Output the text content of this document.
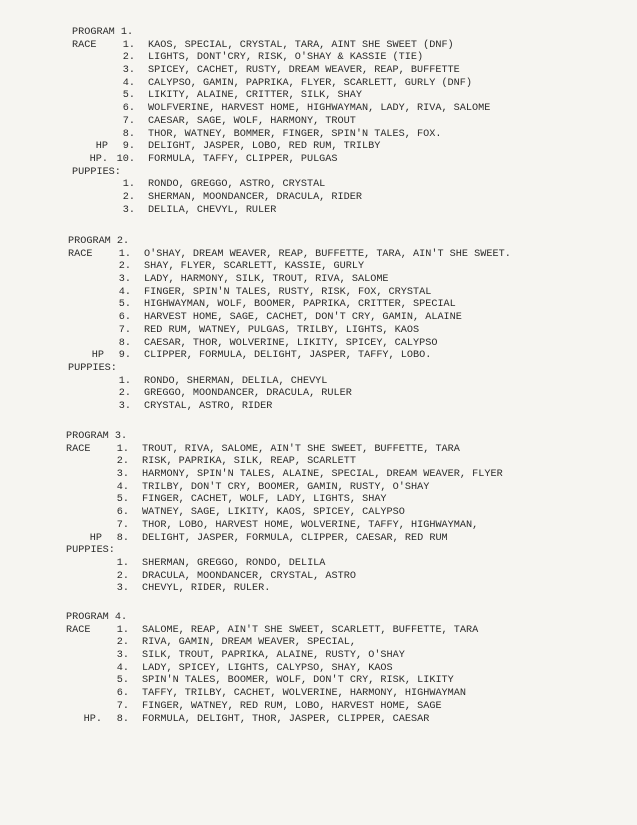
PROGRAM 1.
RACE	1. KAOS, SPECIAL, CRYSTAL, TARA, AINT SHE SWEET (DNF)
2. LIGHTS, DONT'CRY, RISK, O'SHAY & KASSIE (TIE)
3. SPICEY, CACHET, RUSTY, DREAM WEAVER, REAP, BUFFETTE
4. CALYPSO, GAMIN, PAPRIKA, FLYER, SCARLETT, GURLY (DNF)
5. LIKITY, ALAINE, CRITTER, SILK, SHAY
6. WOLFVERINE, HARVEST HOME, HIGHWAYMAN, LADY, RIVA, SALOME
7. CAESAR, SAGE, WOLF, HARMONY, TROUT
8. THOR, WATNEY, BOMMER, FINGER, SPIN'N TALES, FOX.
HP	9. DELIGHT, JASPER, LOBO, RED RUM, TRILBY
HP. 10. FORMULA, TAFFY, CLIPPER, PULGAS
PUPPIES:
1. RONDO, GREGGO, ASTRO, CRYSTAL
2. SHERMAN, MOONDANCER, DRACULA, RIDER
3. DELILA, CHEVYL, RULER
PROGRAM 2.
RACE	1. O'SHAY, DREAM WEAVER, REAP, BUFFETTE, TARA, AIN'T SHE SWEET.
2. SHAY, FLYER, SCARLETT, KASSIE, GURLY
3. LADY, HARMONY, SILK, TROUT, RIVA, SALOME
4. FINGER, SPIN'N TALES, RUSTY, RISK, FOX, CRYSTAL
5. HIGHWAYMAN, WOLF, BOOMER, PAPRIKA, CRITTER, SPECIAL
6. HARVEST HOME, SAGE, CACHET, DON'T CRY, GAMIN, ALAINE
7. RED RUM, WATNEY, PULGAS, TRILBY, LIGHTS, KAOS
8. CAESAR, THOR, WOLVERINE, LIKITY, SPICEY, CALYPSO
HP	9. CLIPPER, FORMULA, DELIGHT, JASPER, TAFFY, LOBO.
PUPPIES:
1. RONDO, SHERMAN, DELILA, CHEVYL
2. GREGGO, MOONDANCER, DRACULA, RULER
3. CRYSTAL, ASTRO, RIDER
PROGRAM 3.
RACE	1. TROUT, RIVA, SALOME, AIN'T SHE SWEET, BUFFETTE, TARA
2. RISK, PAPRIKA, SILK, REAP, SCARLETT
3. HARMONY, SPIN'N TALES, ALAINE, SPECIAL, DREAM WEAVER, FLYER
4. TRILBY, DON'T CRY, BOOMER, GAMIN, RUSTY, O'SHAY
5. FINGER, CACHET, WOLF, LADY, LIGHTS, SHAY
6. WATNEY, SAGE, LIKITY, KAOS, SPICEY, CALYPSO
7. THOR, LOBO, HARVEST HOME, WOLVERINE, TAFFY, HIGHWAYMAN,
HP	8. DELIGHT, JASPER, FORMULA, CLIPPER, CAESAR, RED RUM
PUPPIES:
1. SHERMAN, GREGGO, RONDO, DELILA
2. DRACULA, MOONDANCER, CRYSTAL, ASTRO
3. CHEVYL, RIDER, RULER.
PROGRAM 4.
RACE	1. SALOME, REAP, AIN'T SHE SWEET, SCARLETT, BUFFETTE, TARA
2. RIVA, GAMIN, DREAM WEAVER, SPECIAL,
3. SILK, TROUT, PAPRIKA, ALAINE, RUSTY, O'SHAY
4. LADY, SPICEY, LIGHTS, CALYPSO, SHAY, KAOS
5. SPIN'N TALES, BOOMER, WOLF, DON'T CRY, RISK, LIKITY
6. TAFFY, TRILBY, CACHET, WOLVERINE, HARMONY, HIGHWAYMAN
7. FINGER, WATNEY, RED RUM, LOBO, HARVEST HOME, SAGE
HP.	8. FORMULA, DELIGHT, THOR, JASPER, CLIPPER, CAESAR
